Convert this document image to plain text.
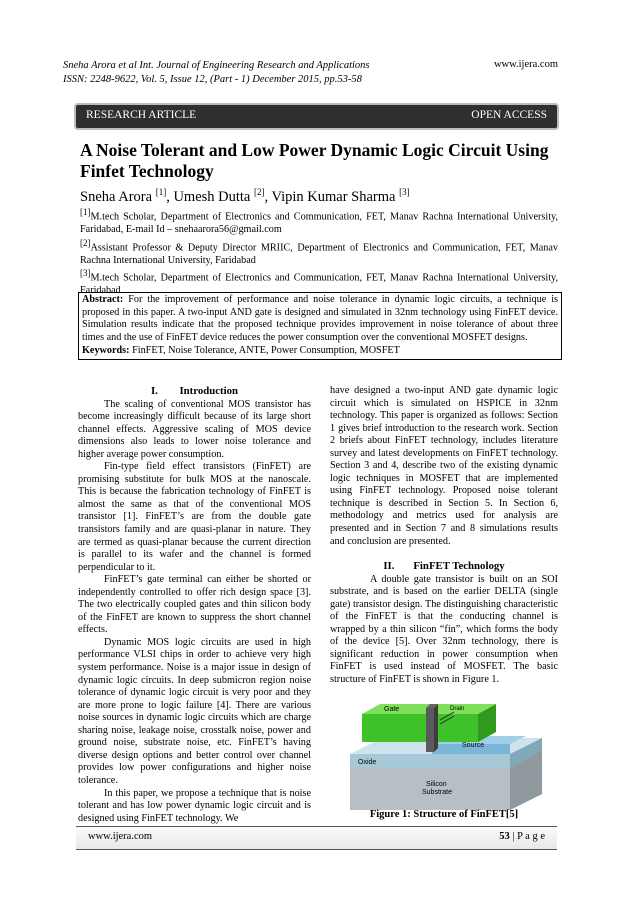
Sneha Arora et al Int. Journal of Engineering Research and Applications
ISSN: 2248-9622, Vol. 5, Issue 12, (Part - 1) December 2015, pp.53-58
www.ijera.com
RESEARCH ARTICLE	OPEN ACCESS
A Noise Tolerant and Low Power Dynamic Logic Circuit Using Finfet Technology
Sneha Arora [1], Umesh Dutta [2], Vipin Kumar Sharma [3]

[1]M.tech Scholar, Department of Electronics and Communication, FET, Manav Rachna International University, Faridabad, E-mail Id – snehaarora56@gmail.com

[2]Assistant Professor & Deputy Director MRIIC, Department of Electronics and Communication, FET, Manav Rachna International University, Faridabad

[3]M.tech Scholar, Department of Electronics and Communication, FET, Manav Rachna International University, Faridabad

Abstract: For the improvement of performance and noise tolerance in dynamic logic circuits, a technique is proposed in this paper. A two-input AND gate is designed and simulated in 32nm technology using FinFET device. Simulation results indicate that the proposed technique provides improvement in noise tolerance of about three times and the use of FinFET device reduces the power consumption over the conventional MOSFET designs.

Keywords: FinFET, Noise Tolerance, ANTE, Power Consumption, MOSFET

I.        Introduction

The scaling of conventional MOS transistor has become increasingly difficult because of its large short channel effects. Aggressive scaling of MOS device dimensions also leads to lower noise tolerance and higher average power consumption.

Fin-type field effect transistors (FinFET) are promising substitute for bulk MOS at the nanoscale. This is because the fabrication technology of FinFET is almost the same as that of the conventional MOS transistor [1]. FinFET’s are from the double gate transistors family and are quasi-planar in nature. They are termed as quasi-planar because the current direction is parallel to its wafer and the channel is formed perpendicular to it.

FinFET’s gate terminal can either be shorted or independently controlled to offer rich design space [3]. The two electrically coupled gates and thin silicon body of the FinFET are known to suppress the short channel effects.

Dynamic MOS logic circuits are used in high performance VLSI chips in order to achieve very high system performance. Noise is a major issue in design of dynamic logic circuits. In deep submicron region noise tolerance of dynamic logic circuit is very poor and they are more prone to logic failure [4]. There are various noise sources in dynamic logic circuits which are charge sharing noise, leakage noise, crosstalk noise, power and ground noise, substrate noise, etc. FinFET’s having diverse design options and better control over channel provides low power configurations and higher noise tolerance.

In this paper, we propose a technique that is noise tolerant and has low power dynamic logic circuit and is designed using FinFET technology. We

have designed a two-input AND gate dynamic logic circuit which is simulated on HSPICE in 32nm technology. This paper is organized as follows: Section 1 gives brief introduction to the research work. Section 2 briefs about FinFET technology, includes literature survey and latest developments on FinFET technology. Section 3 and 4, describe two of the existing dynamic logic techniques in MOSFET that are implemented using FinFET technology. Proposed noise tolerant technique is described in Section 5. In Section 6, methodology and metrics used for analysis are presented and in Section 7 and 8 simulations results and conclusion are presented.

II.       FinFET Technology

A double gate transistor is built on an SOI substrate, and is based on the earlier DELTA (single gate) transistor design. The distinguishing characteristic of the FinFET is that the conducting channel is wrapped by a thin silicon “fin”, which forms the body of the device [5]. Over 32nm technology, there is significant reduction in power consumption when FinFET is used instead of MOSFET. The basic structure of FinFET is shown in Figure 1.

Gate	Drain
Source
Oxide
Silicon
Substrate
Figure 1: Structure of FinFET[5]
www.ijera.com	53 | P a g e
